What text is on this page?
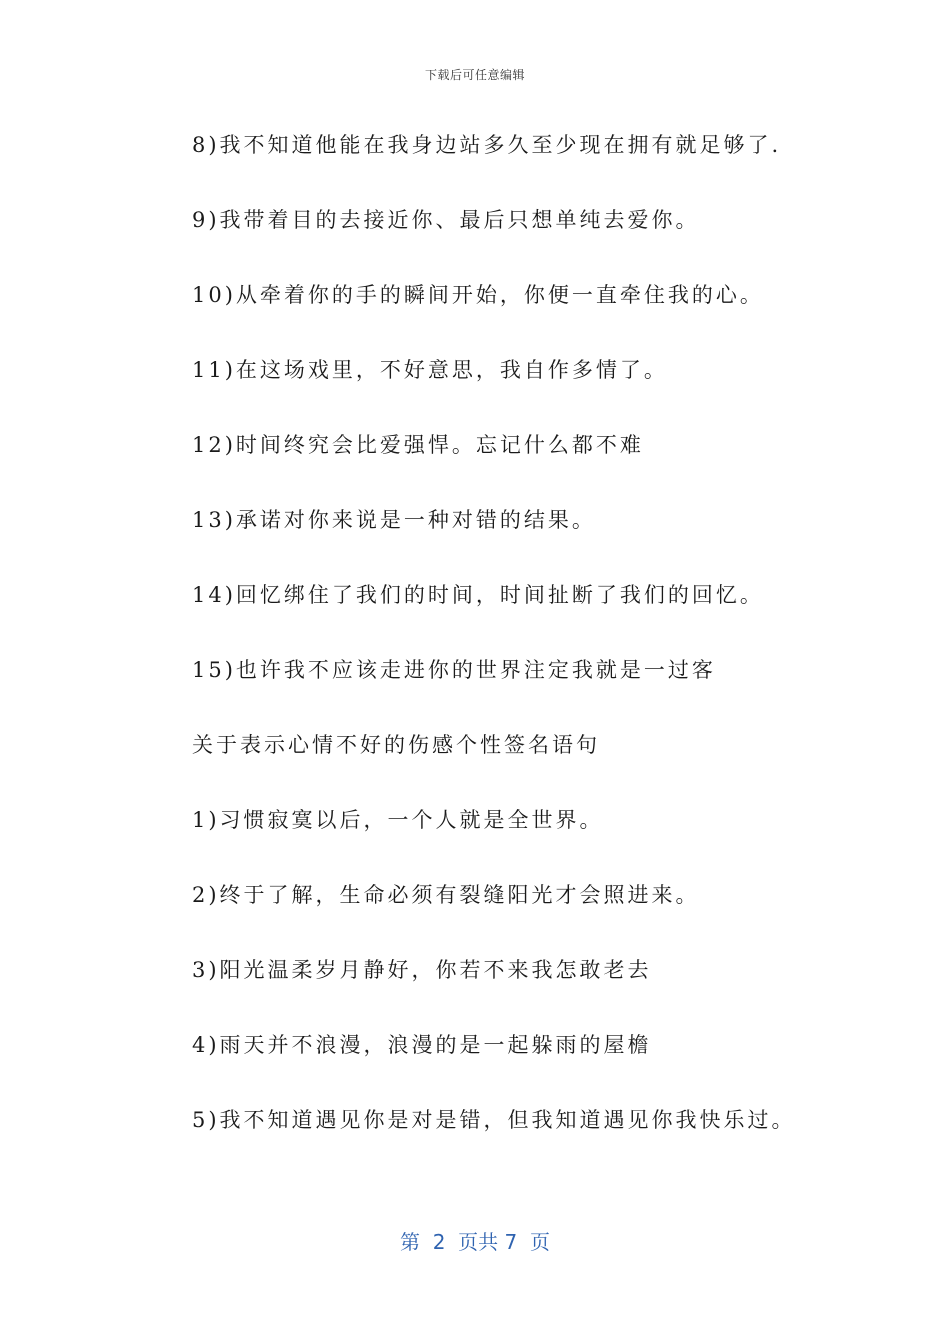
下载后可任意编辑
8)我不知道他能在我身边站多久至少现在拥有就足够了.
9)我带着目的去接近你、最后只想单纯去爱你。
10)从牵着你的手的瞬间开始，你便一直牵住我的心。
11)在这场戏里，不好意思，我自作多情了。
12)时间终究会比爱强悍。忘记什么都不难
13)承诺对你来说是一种对错的结果。
14)回忆绑住了我们的时间，时间扯断了我们的回忆。
15)也许我不应该走进你的世界注定我就是一过客
关于表示心情不好的伤感个性签名语句
1)习惯寂寞以后，一个人就是全世界。
2)终于了解，生命必须有裂缝阳光才会照进来。
3)阳光温柔岁月静好，你若不来我怎敢老去
4)雨天并不浪漫，浪漫的是一起躲雨的屋檐
5)我不知道遇见你是对是错，但我知道遇见你我快乐过。
第  2  页共 7  页
